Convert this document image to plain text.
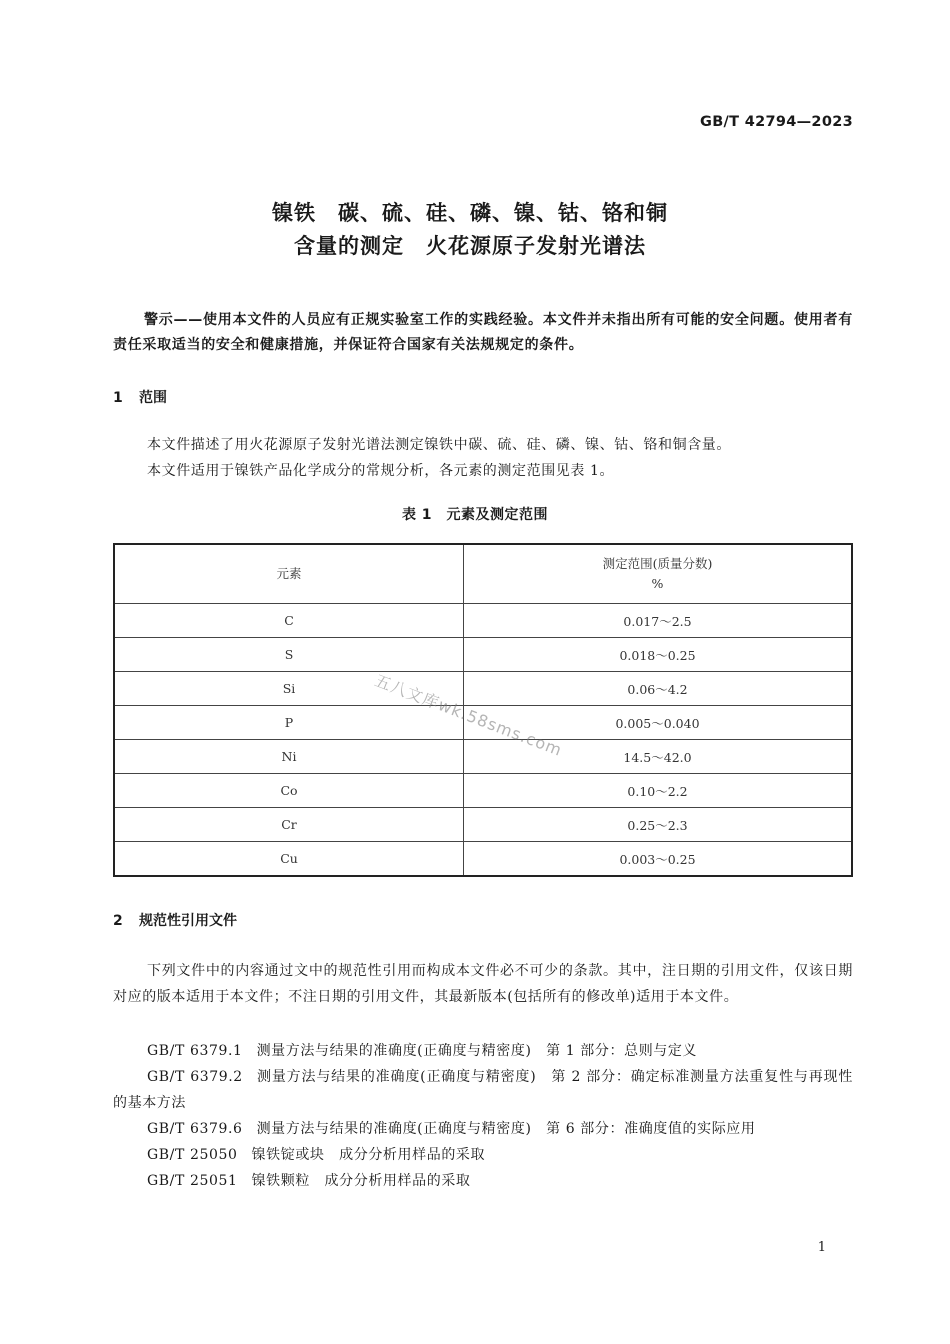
GB/T 42794—2023
镍铁　碳、硫、硅、磷、镍、钴、铬和铜
含量的测定　火花源原子发射光谱法
警示——使用本文件的人员应有正规实验室工作的实践经验。本文件并未指出所有可能的安全问题。使用者有责任采取适当的安全和健康措施，并保证符合国家有关法规规定的条件。
1 范围
本文件描述了用火花源原子发射光谱法测定镍铁中碳、硫、硅、磷、镍、钴、铬和铜含量。
本文件适用于镍铁产品化学成分的常规分析，各元素的测定范围见表 1。
表 1　元素及测定范围
元素	测定范围(质量分数)
%

C	0.017～2.5
S	0.018～0.25
Si	0.06～4.2
P	0.005～0.040
Ni	14.5～42.0
Co	0.10～2.2
Cr	0.25～2.3
Cu	0.003～0.25
五八文库wk.58sms.com
2 规范性引用文件
下列文件中的内容通过文中的规范性引用而构成本文件必不可少的条款。其中，注日期的引用文件，仅该日期对应的版本适用于本文件；不注日期的引用文件，其最新版本(包括所有的修改单)适用于本文件。
GB/T 6379.1 测量方法与结果的准确度(正确度与精密度)　第 1 部分：总则与定义
GB/T 6379.2 测量方法与结果的准确度(正确度与精密度)　第 2 部分：确定标准测量方法重复性与再现性的基本方法
GB/T 6379.6 测量方法与结果的准确度(正确度与精密度)　第 6 部分：准确度值的实际应用
GB/T 25050 镍铁锭或块　成分分析用样品的采取
GB/T 25051 镍铁颗粒　成分分析用样品的采取
1
